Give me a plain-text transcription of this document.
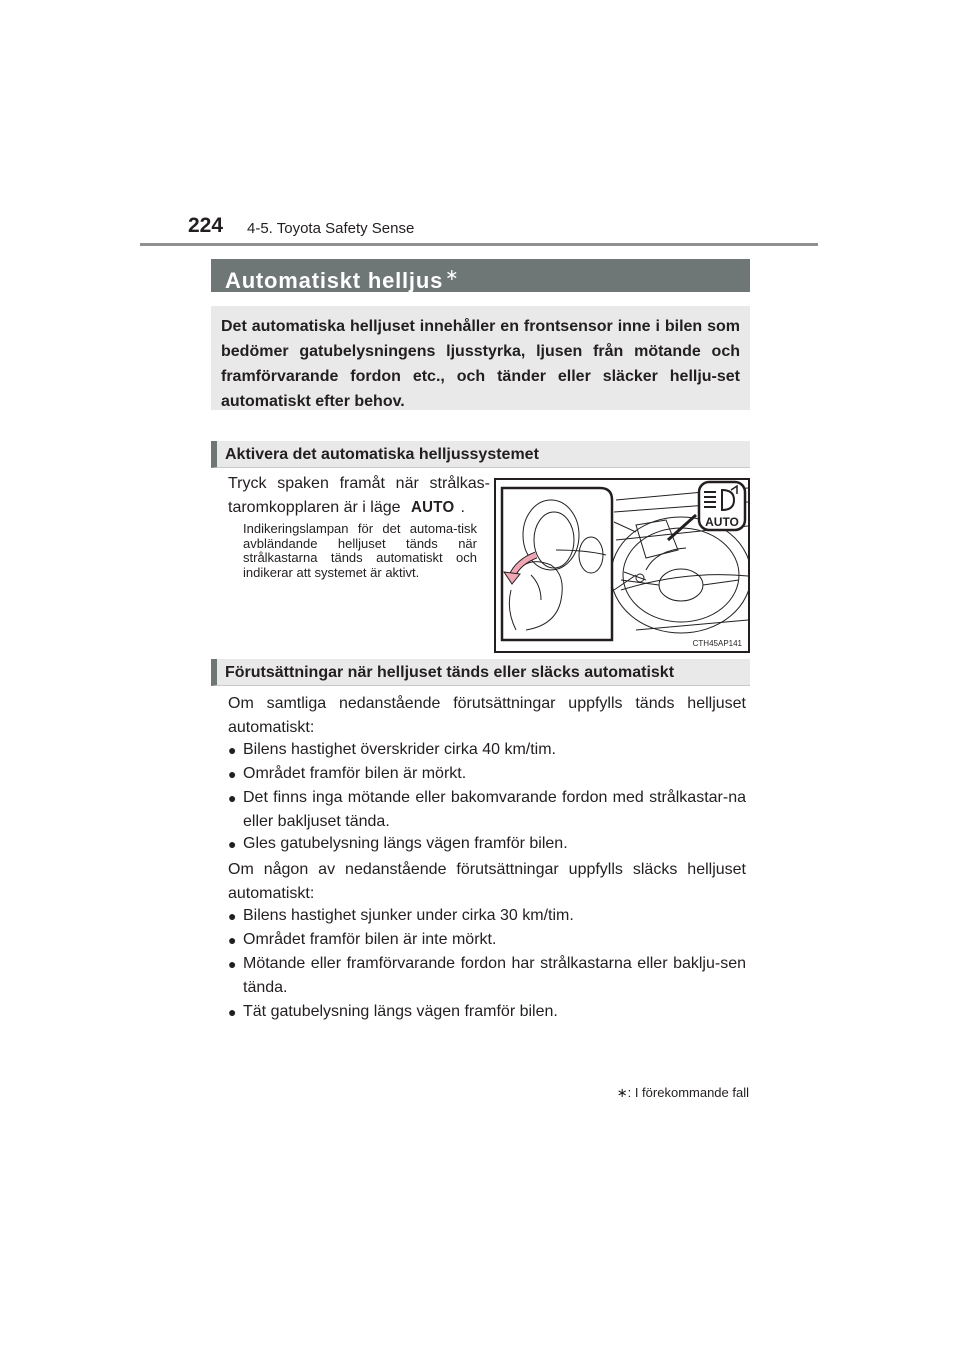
224 4-5. Toyota Safety Sense
Automatiskt helljus ∗
Det automatiska helljuset innehåller en frontsensor inne i bilen som bedömer gatubelysningens ljusstyrka, ljusen från mötande och framförvarande fordon etc., och tänder eller släcker hellju-set automatiskt efter behov.
Aktivera det automatiska helljussystemet
Tryck spaken framåt när strålkas-taromkopplaren är i läge AUTO .
Indikeringslampan för det automa-tisk avbländande helljuset tänds när strålkastarna tänds automatiskt och indikerar att systemet är aktivt.
AUTO
CTH45AP141
Förutsättningar när helljuset tänds eller släcks automatiskt
Om samtliga nedanstående förutsättningar uppfylls tänds helljuset automatiskt:
● Bilens hastighet överskrider cirka 40 km/tim.
● Området framför bilen är mörkt.
● Det finns inga mötande eller bakomvarande fordon med strålkastar-na eller bakljuset tända.
● Gles gatubelysning längs vägen framför bilen.
Om någon av nedanstående förutsättningar uppfylls släcks helljuset automatiskt:
● Bilens hastighet sjunker under cirka 30 km/tim.
● Området framför bilen är inte mörkt.
● Mötande eller framförvarande fordon har strålkastarna eller baklju-sen tända.
● Tät gatubelysning längs vägen framför bilen.
∗: I förekommande fall
